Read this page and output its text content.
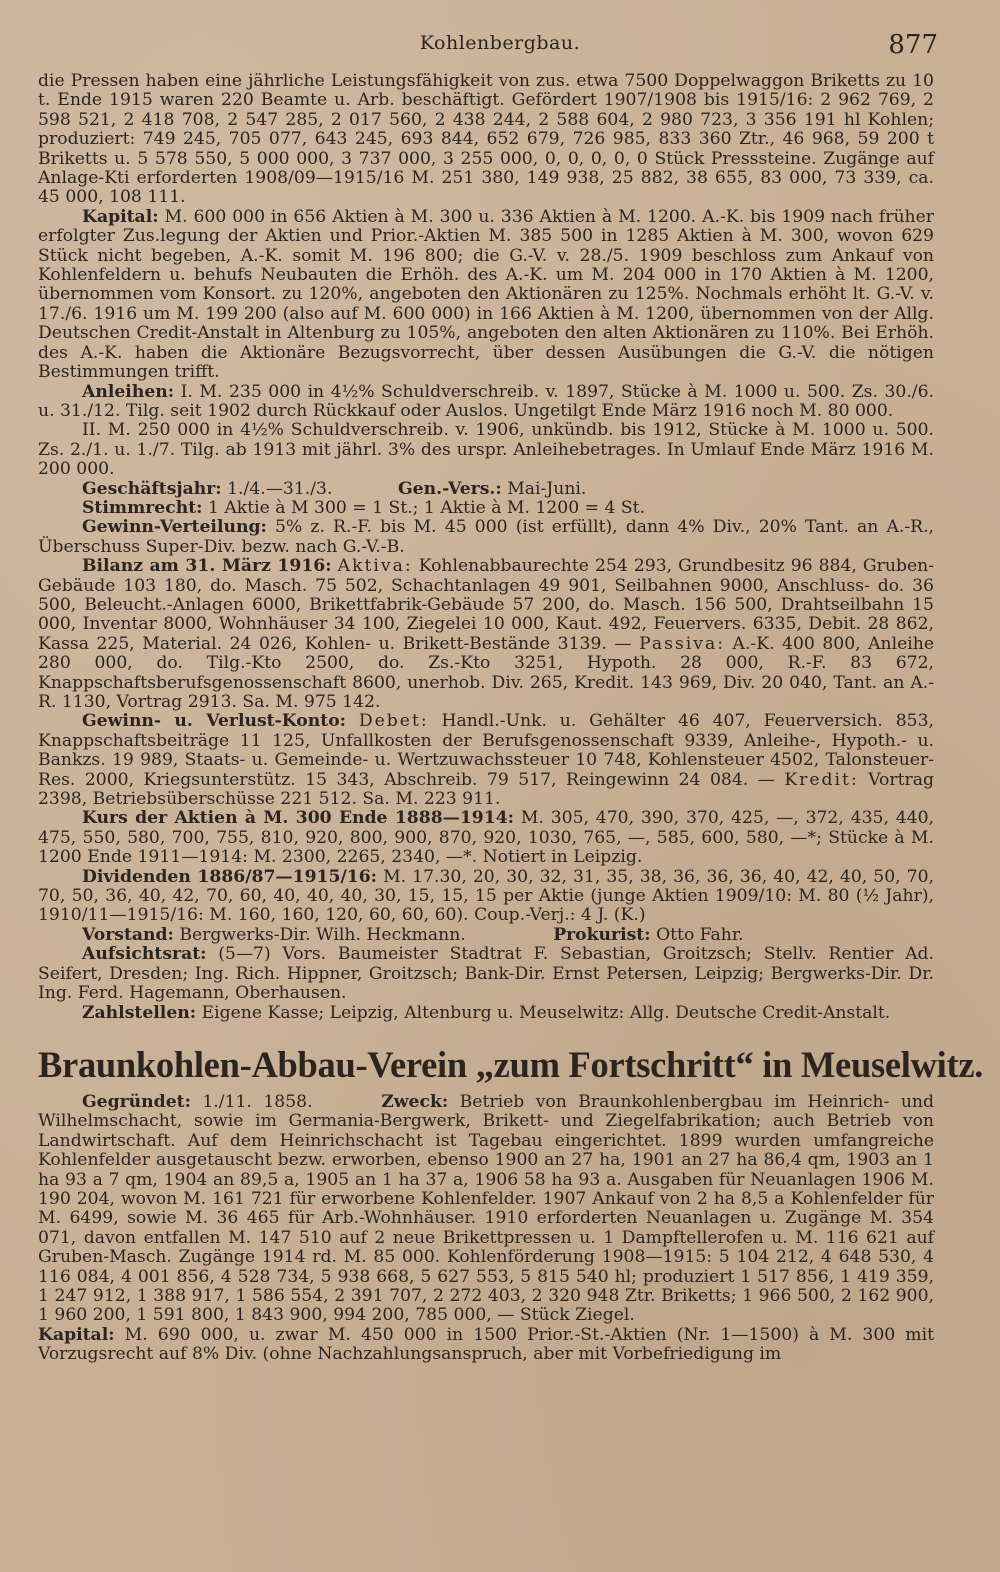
Kohlenbergbau.	877

die Pressen haben eine jährliche Leistungsfähigkeit von zus. etwa 7500 Doppelwaggon Briketts zu 10 t. Ende 1915 waren 220 Beamte u. Arb. beschäftigt. Gefördert 1907/1908 bis 1915/16: 2 962 769, 2 598 521, 2 418 708, 2 547 285, 2 017 560, 2 438 244, 2 588 604, 2 980 723, 3 356 191 hl Kohlen; produziert: 749 245, 705 077, 643 245, 693 844, 652 679, 726 985, 833 360 Ztr., 46 968, 59 200 t Briketts u. 5 578 550, 5 000 000, 3 737 000, 3 255 000, 0, 0, 0, 0, 0 Stück Presssteine. Zugänge auf Anlage-Kti erforderten 1908/09—1915/16 M. 251 380, 149 938, 25 882, 38 655, 83 000, 73 339, ca. 45 000, 108 111.

Kapital: M. 600 000 in 656 Aktien à M. 300 u. 336 Aktien à M. 1200. A.-K. bis 1909 nach früher erfolgter Zus.legung der Aktien und Prior.-Aktien M. 385 500 in 1285 Aktien à M. 300, wovon 629 Stück nicht begeben, A.-K. somit M. 196 800; die G.-V. v. 28./5. 1909 beschloss zum Ankauf von Kohlenfeldern u. behufs Neubauten die Erhöh. des A.-K. um M. 204 000 in 170 Aktien à M. 1200, übernommen vom Konsort. zu 120%, angeboten den Aktionären zu 125%. Nochmals erhöht lt. G.-V. v. 17./6. 1916 um M. 199 200 (also auf M. 600 000) in 166 Aktien à M. 1200, übernommen von der Allg. Deutschen Credit-Anstalt in Altenburg zu 105%, angeboten den alten Aktionären zu 110%. Bei Erhöh. des A.-K. haben die Aktionäre Bezugsvorrecht, über dessen Ausübungen die G.-V. die nötigen Bestimmungen trifft.

Anleihen: I. M. 235 000 in 4½% Schuldverschreib. v. 1897, Stücke à M. 1000 u. 500. Zs. 30./6. u. 31./12. Tilg. seit 1902 durch Rückkauf oder Auslos. Ungetilgt Ende März 1916 noch M. 80 000.

II. M. 250 000 in 4½% Schuldverschreib. v. 1906, unkündb. bis 1912, Stücke à M. 1000 u. 500. Zs. 2./1. u. 1./7. Tilg. ab 1913 mit jährl. 3% des urspr. Anleihebetrages. In Umlauf Ende März 1916 M. 200 000.

Geschäftsjahr: 1./4.—31./3.	Gen.-Vers.: Mai-Juni.

Stimmrecht: 1 Aktie à M 300 = 1 St.; 1 Aktie à M. 1200 = 4 St.

Gewinn-Verteilung: 5% z. R.-F. bis M. 45 000 (ist erfüllt), dann 4% Div., 20% Tant. an A.-R., Überschuss Super-Div. bezw. nach G.-V.-B.

Bilanz am 31. März 1916: Aktiva: Kohlenabbaurechte 254 293, Grundbesitz 96 884, Gruben-Gebäude 103 180, do. Masch. 75 502, Schachtanlagen 49 901, Seilbahnen 9000, Anschluss- do. 36 500, Beleucht.-Anlagen 6000, Brikettfabrik-Gebäude 57 200, do. Masch. 156 500, Drahtseilbahn 15 000, Inventar 8000, Wohnhäuser 34 100, Ziegelei 10 000, Kaut. 492, Feuervers. 6335, Debit. 28 862, Kassa 225, Material. 24 026, Kohlen- u. Brikett-Bestände 3139. — Passiva: A.-K. 400 800, Anleihe 280 000, do. Tilg.-Kto 2500, do. Zs.-Kto 3251, Hypoth. 28 000, R.-F. 83 672, Knappschaftsberufsgenossenschaft 8600, unerhob. Div. 265, Kredit. 143 969, Div. 20 040, Tant. an A.-R. 1130, Vortrag 2913. Sa. M. 975 142.

Gewinn- u. Verlust-Konto: Debet: Handl.-Unk. u. Gehälter 46 407, Feuerversich. 853, Knappschaftsbeiträge 11 125, Unfallkosten der Berufsgenossenschaft 9339, Anleihe-, Hypoth.- u. Bankzs. 19 989, Staats- u. Gemeinde- u. Wertzuwachssteuer 10 748, Kohlensteuer 4502, Talonsteuer-Res. 2000, Kriegsunterstütz. 15 343, Abschreib. 79 517, Reingewinn 24 084. — Kredit: Vortrag 2398, Betriebsüberschüsse 221 512. Sa. M. 223 911.

Kurs der Aktien à M. 300 Ende 1888—1914: M. 305, 470, 390, 370, 425, —, 372, 435, 440, 475, 550, 580, 700, 755, 810, 920, 800, 900, 870, 920, 1030, 765, —, 585, 600, 580, —*; Stücke à M. 1200 Ende 1911—1914: M. 2300, 2265, 2340, —*. Notiert in Leipzig.

Dividenden 1886/87—1915/16: M. 17.30, 20, 30, 32, 31, 35, 38, 36, 36, 36, 40, 42, 40, 50, 70, 70, 50, 36, 40, 42, 70, 60, 40, 40, 40, 30, 15, 15, 15 per Aktie (junge Aktien 1909/10: M. 80 (½ Jahr), 1910/11—1915/16: M. 160, 160, 120, 60, 60, 60). Coup.-Verj.: 4 J. (K.)

Vorstand: Bergwerks-Dir. Wilh. Heckmann.	Prokurist: Otto Fahr.

Aufsichtsrat: (5—7) Vors. Baumeister Stadtrat F. Sebastian, Groitzsch; Stellv. Rentier Ad. Seifert, Dresden; Ing. Rich. Hippner, Groitzsch; Bank-Dir. Ernst Petersen, Leipzig; Bergwerks-Dir. Dr. Ing. Ferd. Hagemann, Oberhausen.

Zahlstellen: Eigene Kasse; Leipzig, Altenburg u. Meuselwitz: Allg. Deutsche Credit-Anstalt.

Braunkohlen-Abbau-Verein „zum Fortschritt“ in Meuselwitz.

Gegründet: 1./11. 1858.	Zweck: Betrieb von Braunkohlenbergbau im Heinrich- und Wilhelmschacht, sowie im Germania-Bergwerk, Brikett- und Ziegelfabrikation; auch Betrieb von Landwirtschaft. Auf dem Heinrichschacht ist Tagebau eingerichtet. 1899 wurden umfangreiche Kohlenfelder ausgetauscht bezw. erworben, ebenso 1900 an 27 ha, 1901 an 27 ha 86,4 qm, 1903 an 1 ha 93 a 7 qm, 1904 an 89,5 a, 1905 an 1 ha 37 a, 1906 58 ha 93 a. Ausgaben für Neuanlagen 1906 M. 190 204, wovon M. 161 721 für erworbene Kohlenfelder. 1907 Ankauf von 2 ha 8,5 a Kohlenfelder für M. 6499, sowie M. 36 465 für Arb.-Wohnhäuser. 1910 erforderten Neuanlagen u. Zugänge M. 354 071, davon entfallen M. 147 510 auf 2 neue Brikettpressen u. 1 Dampftellerofen u. M. 116 621 auf Gruben-Masch. Zugänge 1914 rd. M. 85 000. Kohlenförderung 1908—1915: 5 104 212, 4 648 530, 4 116 084, 4 001 856, 4 528 734, 5 938 668, 5 627 553, 5 815 540 hl; produziert 1 517 856, 1 419 359, 1 247 912, 1 388 917, 1 586 554, 2 391 707, 2 272 403, 2 320 948 Ztr. Briketts; 1 966 500, 2 162 900, 1 960 200, 1 591 800, 1 843 900, 994 200, 785 000, — Stück Ziegel.

Kapital: M. 690 000, u. zwar M. 450 000 in 1500 Prior.-St.-Aktien (Nr. 1—1500) à M. 300 mit Vorzugsrecht auf 8% Div. (ohne Nachzahlungsanspruch, aber mit Vorbefriedigung im
